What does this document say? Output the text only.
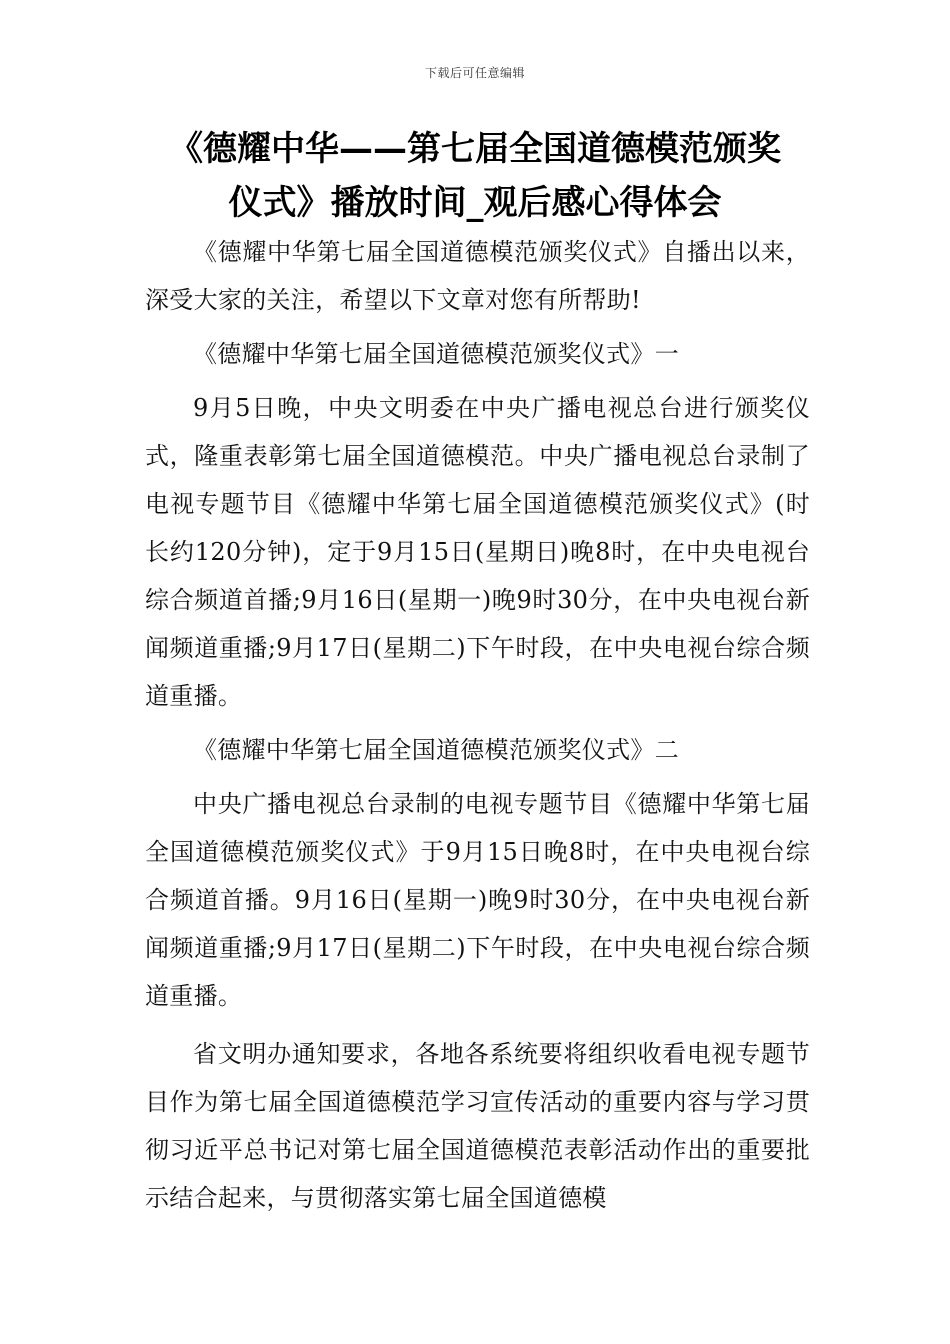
下载后可任意编辑
《德耀中华——第七届全国道德模范颁奖
仪式》播放时间_观后感心得体会

《德耀中华第七届全国道德模范颁奖仪式》自播出以来，深受大家的关注，希望以下文章对您有所帮助!

《德耀中华第七届全国道德模范颁奖仪式》一

9月5日晚，中央文明委在中央广播电视总台进行颁奖仪式，隆重表彰第七届全国道德模范。中央广播电视总台录制了电视专题节目《德耀中华第七届全国道德模范颁奖仪式》(时长约120分钟)，定于9月15日(星期日)晚8时，在中央电视台综合频道首播;9月16日(星期一)晚9时30分，在中央电视台新闻频道重播;9月17日(星期二)下午时段，在中央电视台综合频道重播。

《德耀中华第七届全国道德模范颁奖仪式》二

中央广播电视总台录制的电视专题节目《德耀中华第七届全国道德模范颁奖仪式》于9月15日晚8时，在中央电视台综合频道首播。9月16日(星期一)晚9时30分，在中央电视台新闻频道重播;9月17日(星期二)下午时段，在中央电视台综合频道重播。

省文明办通知要求，各地各系统要将组织收看电视专题节目作为第七届全国道德模范学习宣传活动的重要内容与学习贯彻习近平总书记对第七届全国道德模范表彰活动作出的重要批示结合起来，与贯彻落实第七届全国道德模
